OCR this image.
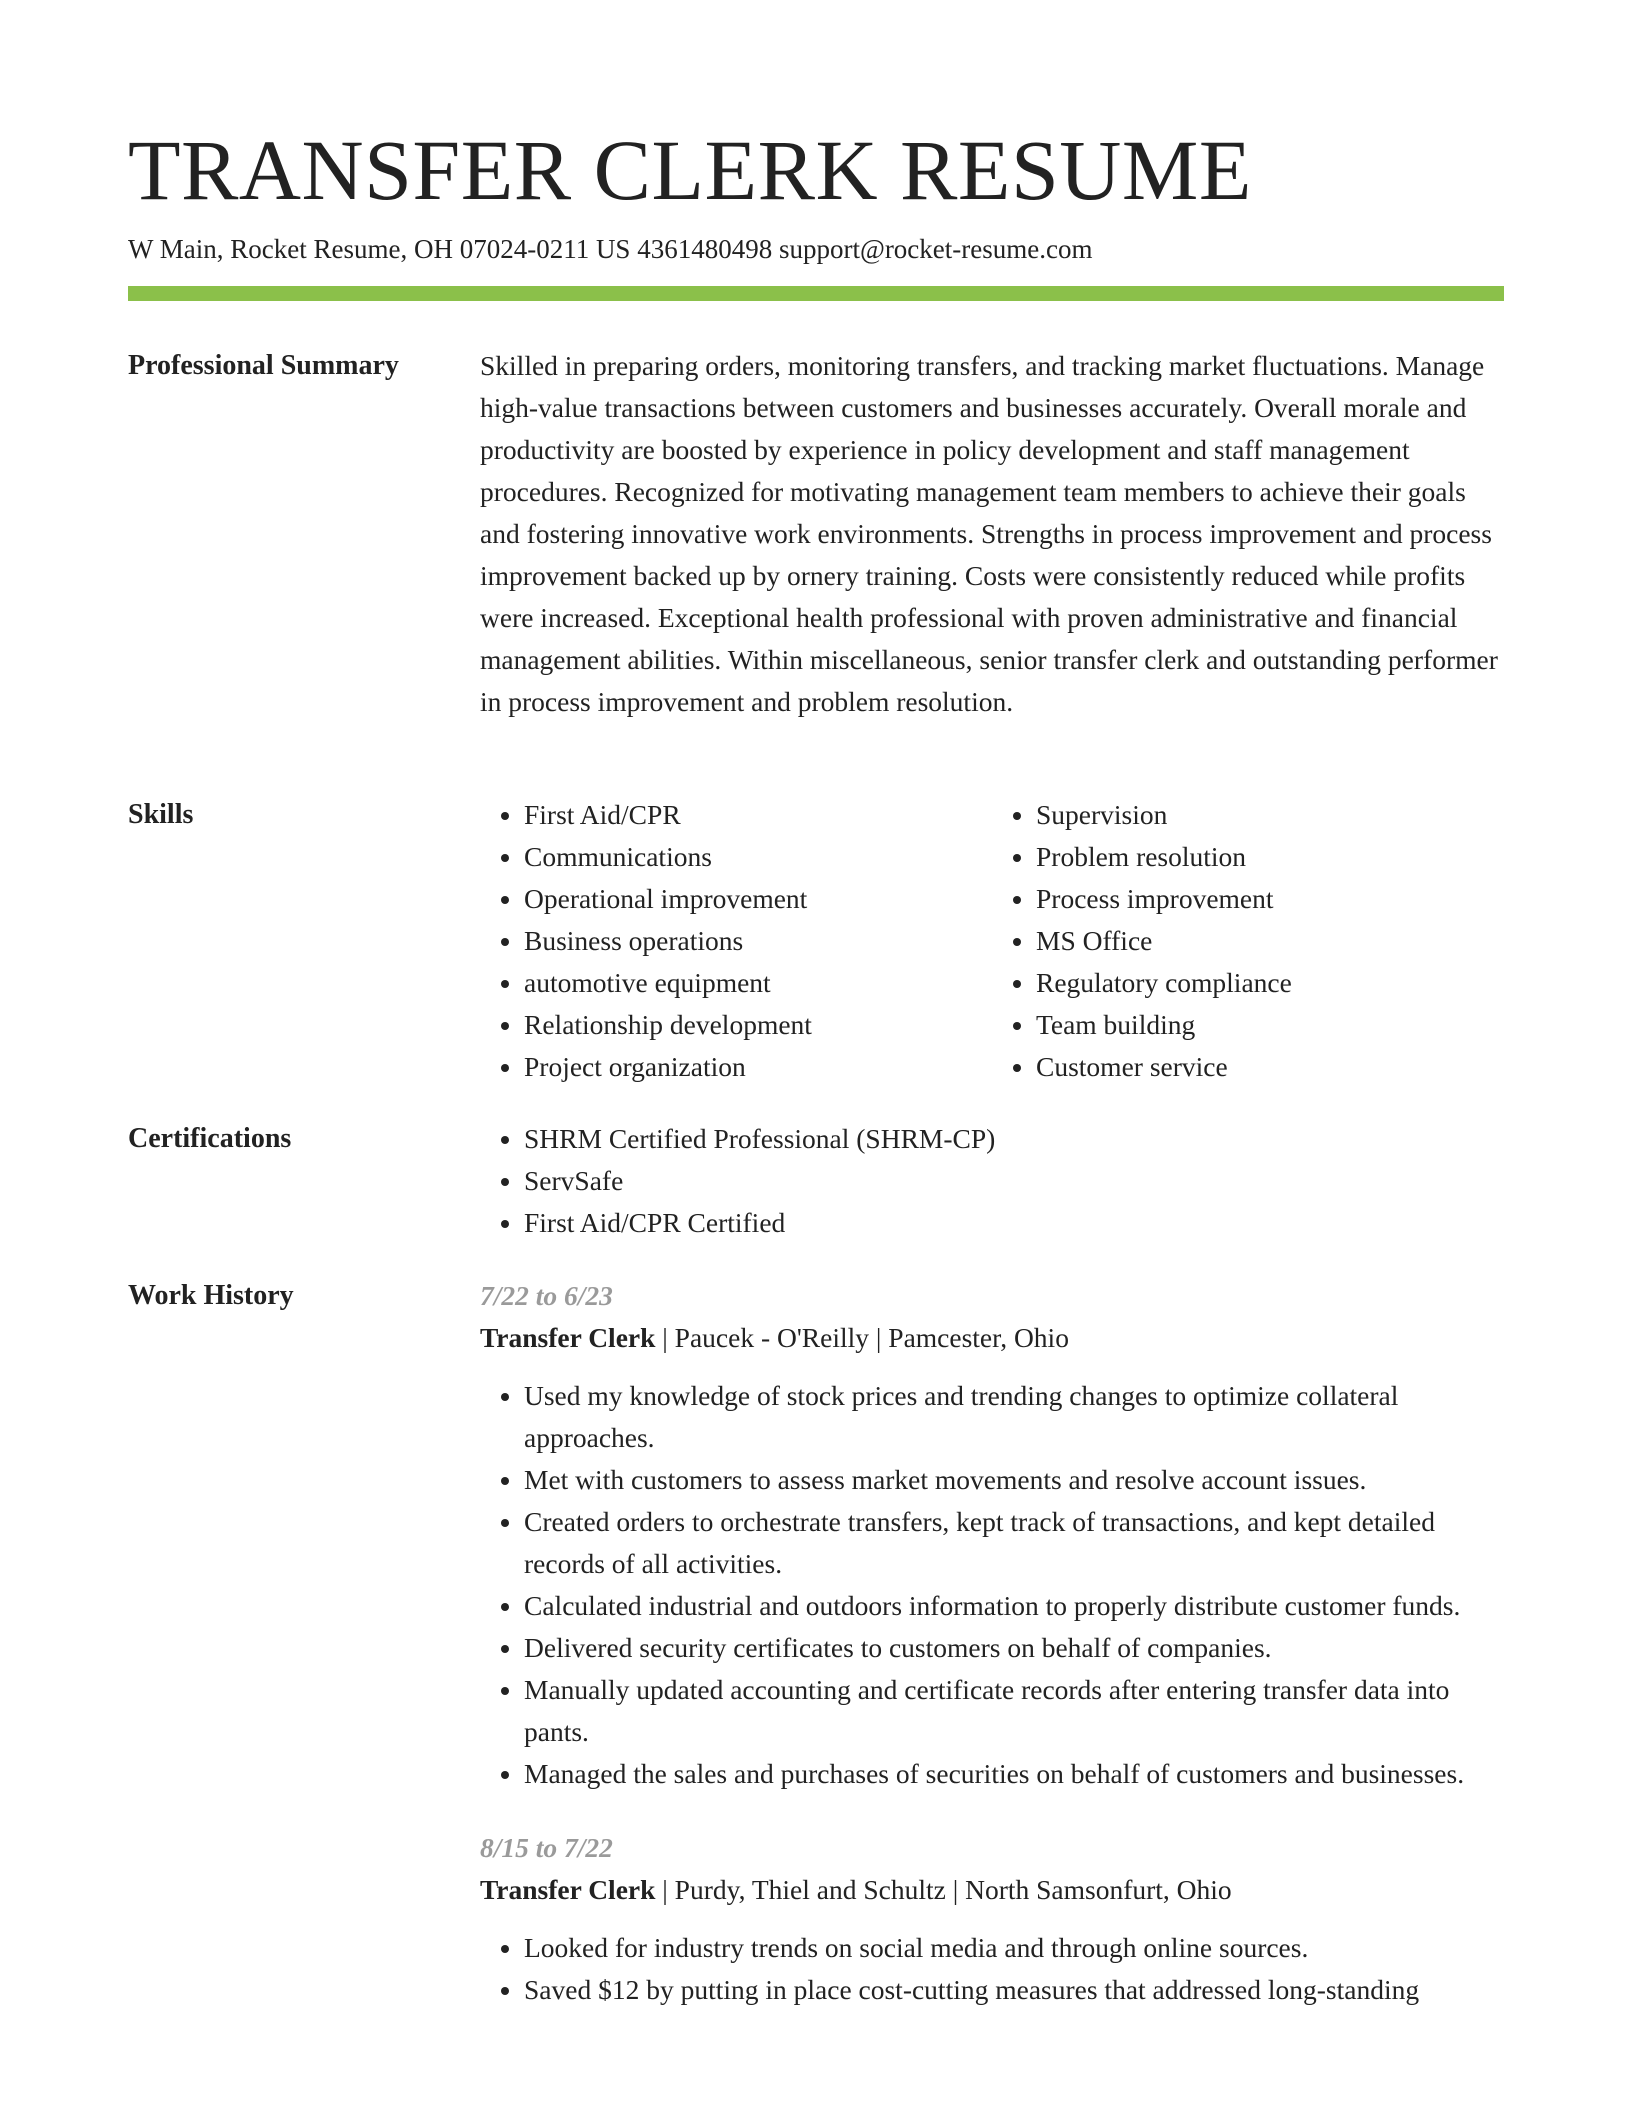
TRANSFER CLERK RESUME
W Main, Rocket Resume, OH 07024-0211 US 4361480498 support@rocket-resume.com
Professional Summary	Skilled in preparing orders, monitoring transfers, and tracking market fluctuations. Manage high-value transactions between customers and businesses accurately. Overall morale and productivity are boosted by experience in policy development and staff management procedures. Recognized for motivating management team members to achieve their goals and fostering innovative work environments. Strengths in process improvement and process improvement backed up by ornery training. Costs were consistently reduced while profits were increased. Exceptional health professional with proven administrative and financial management abilities. Within miscellaneous, senior transfer clerk and outstanding performer in process improvement and problem resolution.

Skills	• First Aid/CPR
• Communications
• Operational improvement
• Business operations
• automotive equipment
• Relationship development
• Project organization
• Supervision
• Problem resolution
• Process improvement
• MS Office
• Regulatory compliance
• Team building
• Customer service
Certifications	• SHRM Certified Professional (SHRM-CP)
• ServSafe
• First Aid/CPR Certified
Work History	7/22 to 6/23
Transfer Clerk | Paucek - O'Reilly | Pamcester, Ohio
• Used my knowledge of stock prices and trending changes to optimize collateral approaches.
• Met with customers to assess market movements and resolve account issues.
• Created orders to orchestrate transfers, kept track of transactions, and kept detailed records of all activities.
• Calculated industrial and outdoors information to properly distribute customer funds.
• Delivered security certificates to customers on behalf of companies.
• Manually updated accounting and certificate records after entering transfer data into pants.
• Managed the sales and purchases of securities on behalf of customers and businesses.
8/15 to 7/22
Transfer Clerk | Purdy, Thiel and Schultz | North Samsonfurt, Ohio
• Looked for industry trends on social media and through online sources.
• Saved $12 by putting in place cost-cutting measures that addressed long-standing
